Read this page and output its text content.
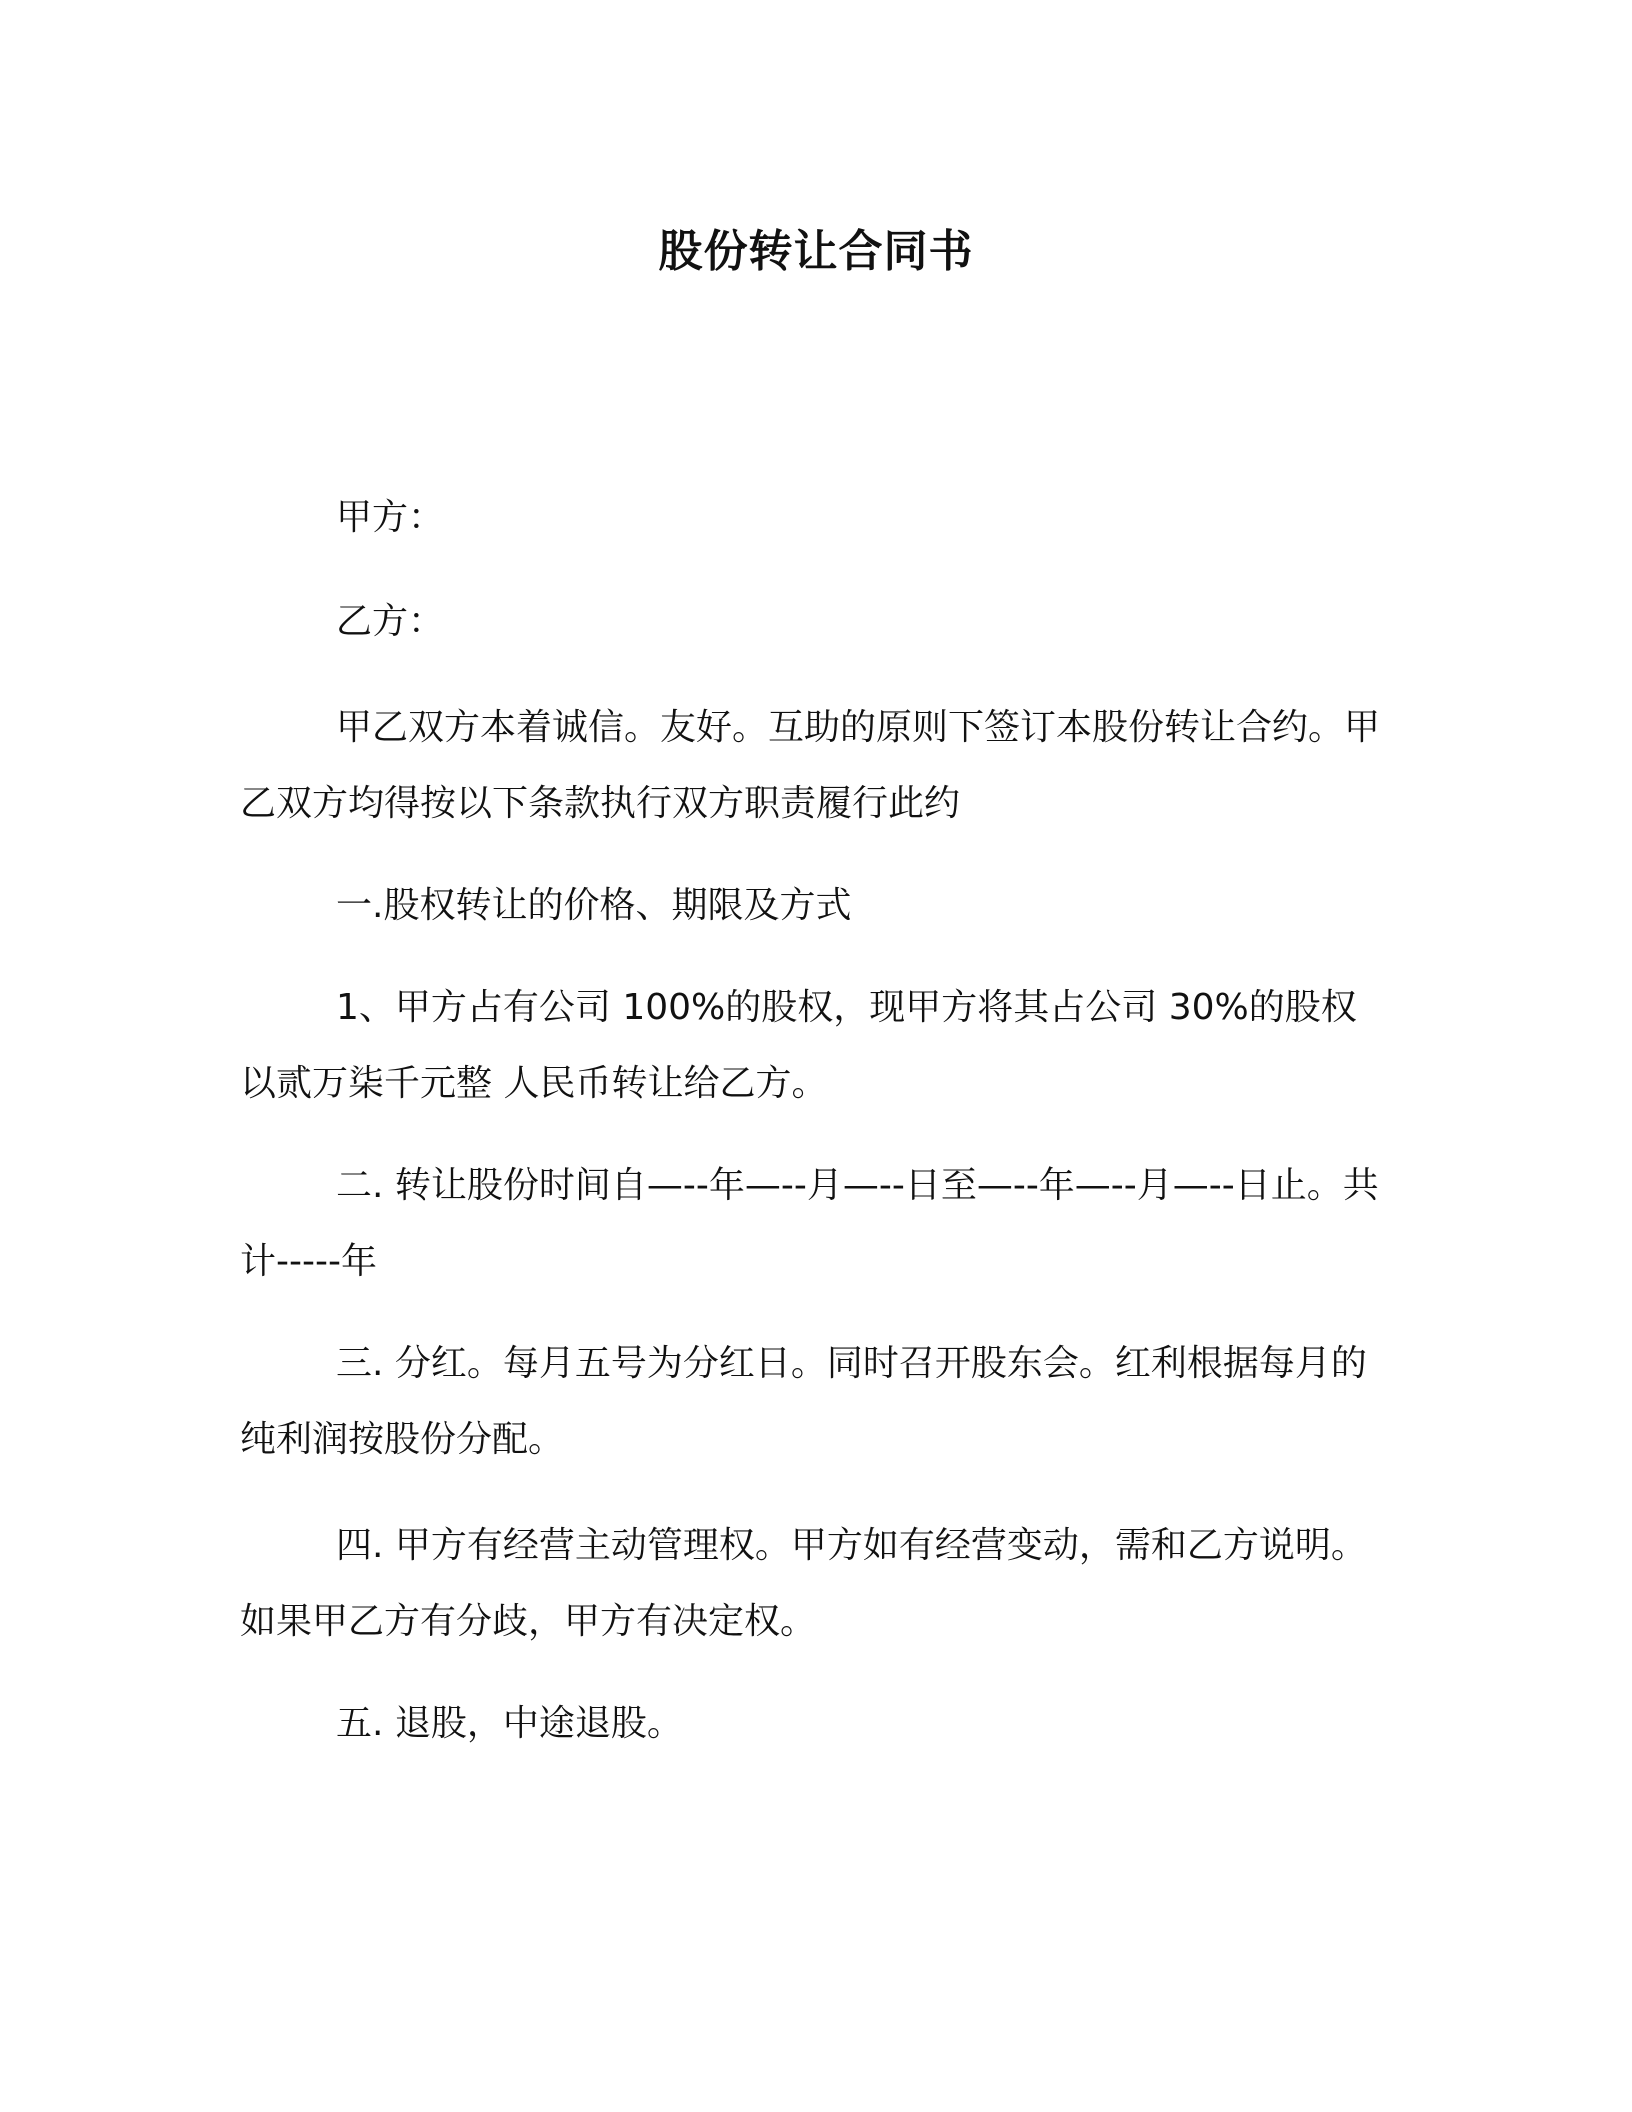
股份转让合同书
甲方：
乙方：
甲乙双方本着诚信。友好。互助的原则下签订本股份转让合约。甲乙双方均得按以下条款执行双方职责履行此约
一.股权转让的价格、期限及方式
1、甲方占有公司 100%的股权，现甲方将其占公司 30%的股权以贰万柒千元整 人民币转让给乙方。
二. 转让股份时间自—--年—--月—--日至—--年—--月—--日止。共计-----年
三. 分红。每月五号为分红日。同时召开股东会。红利根据每月的纯利润按股份分配。
四. 甲方有经营主动管理权。甲方如有经营变动，需和乙方说明。如果甲乙方有分歧，甲方有决定权。
五. 退股，中途退股。
